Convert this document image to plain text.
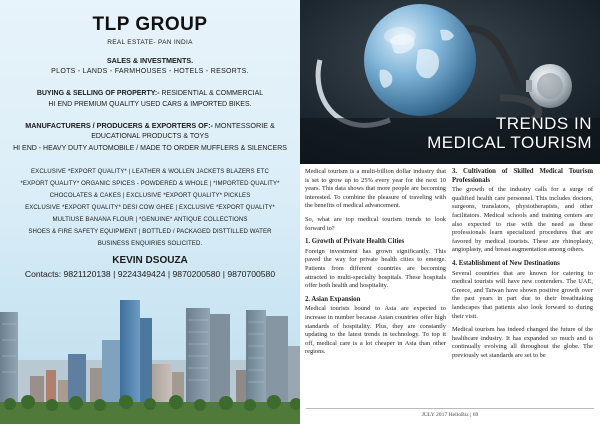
TLP GROUP
REAL ESTATE- PAN INDIA
SALES & INVESTMENTS.
PLOTS - LANDS - FARMHOUSES - HOTELS - RESORTS.
BUYING & SELLING OF PROPERTY:- RESIDENTIAL & COMMERCIAL
HI END PREMIUM QUALITY USED CARS & IMPORTED BIKES.
MANUFACTURERS / PRODUCERS & EXPORTERS OF:- MONTESSORIE &
EDUCATIONAL PRODUCTS & TOYS
HI END - HEAVY DUTY AUTOMOBILE / MADE TO ORDER MUFFLERS & SILENCERS
EXCLUSIVE *EXPORT QUALITY* | LEATHER & WOLLEN JACKETS BLAZERS ETC
*EXPORT QUALITY* ORGANIC SPICES - POWDERED & WHOLE | *IMPORTED QUALITY*
CHOCOLATES & CAKES | EXCLUSIVE *EXPORT QUALITY* PICKLES
EXCLUSIVE *EXPORT QUALITY* DESI COW GHEE | EXCLUSIVE *EXPORT QUALITY*
MULTIUSE BANANA FLOUR | *GENUINE* ANTIQUE COLLECTIONS
SHOES & FIRE SAFETY EQUIPMENT | BOTTLED / PACKAGED DISTTILLED WATER
BUSINESS ENQUIRIES SOLICITED.
KEVIN DSOUZA
Contacts: 9821120138 | 9224349424 | 9870200580 | 9870700580
TRENDS IN
MEDICAL TOURISM

Medical tourism is a multi-billion dollar industry that is set to grow up to 25% every year for the next 10 years. This data shows that more people are becoming interested. To combine the pleasure of traveling with the benefits of medical advancement.

So, what are top medical tourism trends to look forward to?

1. Growth of Private Health Cities

Foreign investment has grown significantly. This paved the way for private health cities to emerge. Patients from different countries are becoming attracted to multi-specialty hospitals. These hospitals offer both health and hospitality.

2. Asian Expansion

Medical tourists bound to Asia are expected to increase in number because Asian countries offer high standards of hospitality. Plus, they are constantly updating to the latest trends in technology. To top it off, medical care is a lot cheaper in Asia than other regions.

3. Cultivation of Skilled Medical Tourism Professionals

The growth of the industry calls for a surge of qualified health care personnel. This includes doctors, surgeons, translators, physiotherapists, and other facilitators. Medical schools and training centers are also expected to rise with the need as these professionals learn specialized procedures that are favored by medical tourists. These are rhinoplasty, angioplasty, and breast augmentation among others.

4. Establishment of New Destinations

Several countries that are known for catering to medical tourists will have new contenders. The UAE, Greece, and Taiwan have shown positive growth over the past years in part due to their breathtaking landscapes that patients also look forward to during their visit.

Medical tourism has indeed changed the future of the healthcare industry. It has expanded so much and is continually evolving all throughout the globe. The previously set standards are set to be

JULY 2017 HelloBiz | 69
